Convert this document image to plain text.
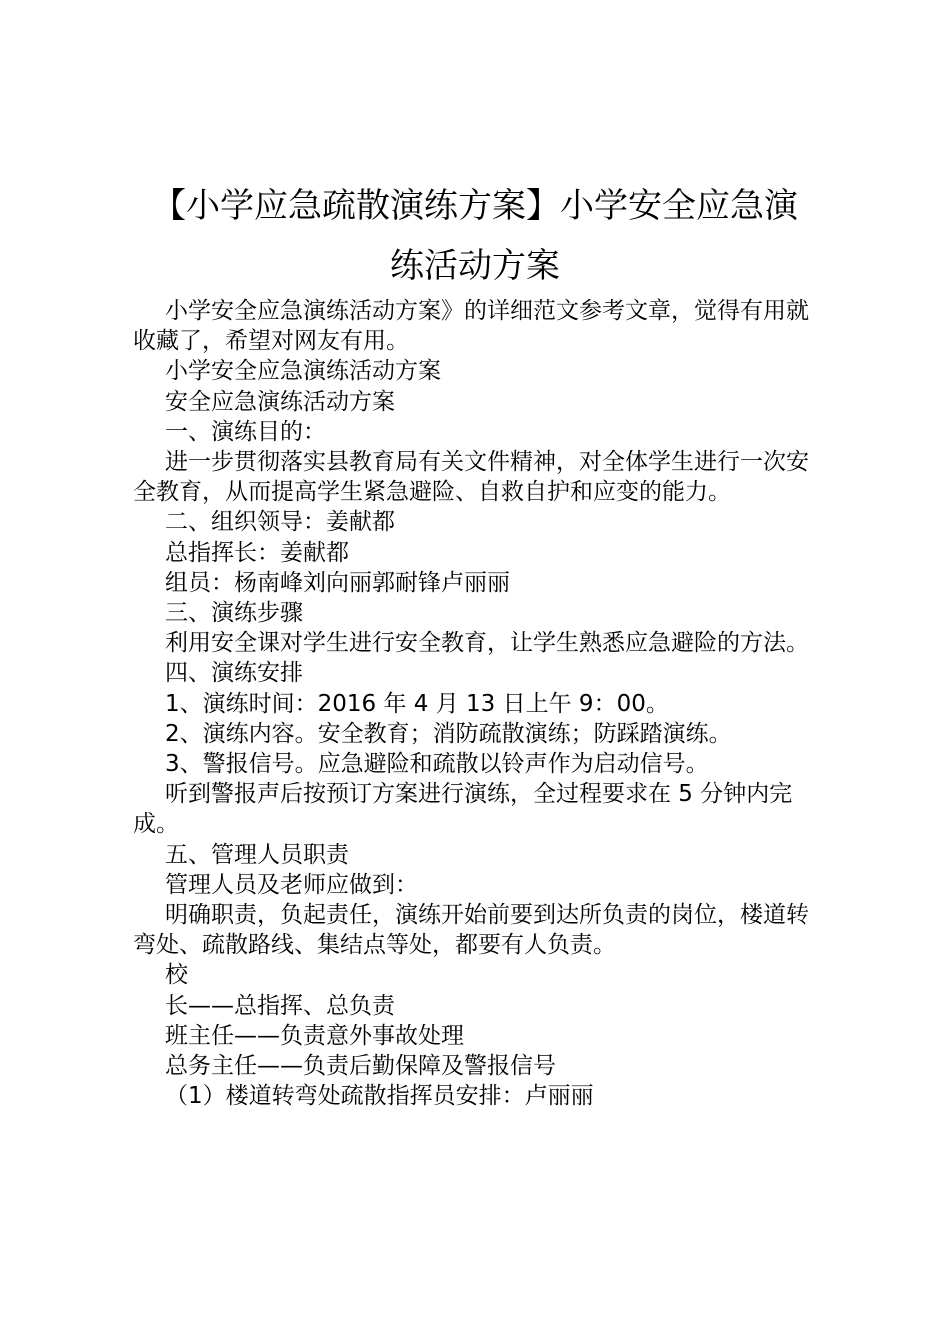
【小学应急疏散演练方案】小学安全应急演
练活动方案

小学安全应急演练活动方案》的详细范文参考文章，觉得有用就收藏了，希望对网友有用。

小学安全应急演练活动方案

安全应急演练活动方案

一、演练目的：

进一步贯彻落实县教育局有关文件精神，对全体学生进行一次安全教育，从而提高学生紧急避险、自救自护和应变的能力。

二、组织领导：姜献都

总指挥长：姜献都

组员：杨南峰刘向丽郭耐锋卢丽丽

三、演练步骤

利用安全课对学生进行安全教育，让学生熟悉应急避险的方法。

四、演练安排

1、演练时间：2016 年 4 月 13 日上午 9：00。

2、演练内容。安全教育；消防疏散演练；防踩踏演练。

3、警报信号。应急避险和疏散以铃声作为启动信号。

听到警报声后按预订方案进行演练，全过程要求在 5 分钟内完成。

五、管理人员职责

管理人员及老师应做到：

明确职责，负起责任，演练开始前要到达所负责的岗位，楼道转弯处、疏散路线、集结点等处，都要有人负责。

校

长——总指挥、总负责

班主任——负责意外事故处理

总务主任——负责后勤保障及警报信号

（1）楼道转弯处疏散指挥员安排：卢丽丽
